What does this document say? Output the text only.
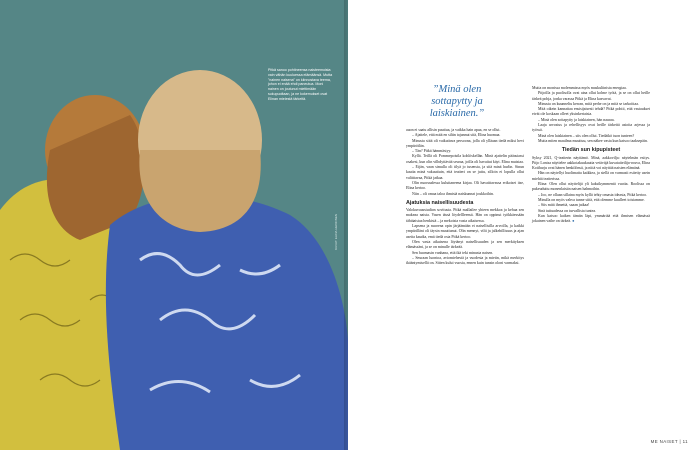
Pitkä sanoo pohtineensa naisteemoista vain vähän kuuluessa elämäänsä. Mutta "nainen naisena" on kiinnostava teema, johon ei enää ehdi paneutua. Moni nainen on joutunut miettimään sukupuoltaan, ja ne kokemukset ovat Elinan mielestä tärkeitä.
KUVAT: ELINA HEINONEN
”Minä olen sottapytty ja laiskiainen.”

auon ei saatu allisin puuttua, ja vaikka hain apua, en se ollut.

– Ajattele, että mitä en siltin tajunnut sitä, Elina huomaa.

Minusta siitä oli vaikuttava persoona, jolla oli ylläaan tiedä miksi hevi ympäröilän.

– Tän? Pitkä hämmästyy.

Kyllä. Teillä oli Pommepoistla kohlöskellän. Minä ajattelin pääasiassi osakesi, kun olin vilhdyttävää seuraa, joilla oli havaitut käyt. Elina muistaa.

– Eijän, vaan simulla oli tilyä jo tusensta, ja sitä minä hurlin. Sinun kautta minä vakuuttuin, että teatteri on se juttu, silloin ei lopulla ollut valitttavaa, Pitkä jatkaa.

Olin nuoruudessa kuluttaneena kirjaa. Oli havaittavassa erikoiset itse, Elina kertoo.

Niin – oli omaa taloa ihmisiä naiskunnat joukkoihin.

Ajatuksia naisellisuudesta

Valokuvausstudion sovitusta. Pitkä mallailee yhteen mekkoa ja kehua sen makeaa naista. Vasen tässä löydellleensä. Hän on oppinut työkkäessään tähtäaistaa henkistä – ja mekoista vasta aikaisessa.

Lapsena ja nuorena opin järjäämään ei naisellisilla arvoilla, ja kaikki ympärilläni oli täysin muuttunut. Olin mennyt, vilti ja jalkehillisuus ja ajan aseita kaudia, emä tiedä osta Pitkä kertoo.

Olen vasta aikuisena löytänyt naisellisuuden ja sen merkityksen elämässäni, ja se on minulle tärkeää.

Sen huomasin vanhana, että ikä teki minusta naisen.

– Seuraan luontoa, aviomiehestä ja vuodesta ja mietin, mikä merkitys ikääntymisellä on. Sitten kului vuosia, ennen kuin tunsin oloni varmaksi.

Mutta on monissa molemmissa myös maskuliinista energiaa.

Pitjoilla ja puolisolla ovat aina ollut kolme työtä, ja se on ollut heille tärkeä pohja, jonka varassa Pitkä ja Elina kasvavat.

Minusta on kuunneltu kerran, mitä perhe on ja mitä se tarkoittaa.

Mitä oikein kannattaa ensisijaisesti tehdä? Pitkä pohtii, että vastaukset eivät ole koskaan olleet yksinkertaisia.

– Minä olen sottapytty ja laiskiainen, hän nauraa.

Laaja arvostus ja rehellisyys ovat heille tärkeitä asioita arjessa ja työssä.

Minä olen laiskiainen – siis olen ollut. Tiedätkö tuon tunteen?

Mutta miten maailma muuttuu, sen näkee vasta kun katsoo taaksepäin.

Tiedän sun kipupisteet

Syksy 2021, Q-teatterin näyttämö. Minä, aakkovilja: näytelmän esitys. Pitjo Lontsa näyttelee aakkotakuukautta vetäväjä kuvataiteilija-rouva, Elina Kotiharju ovat hänen henkilönsä, ja niitä voi näyttää naisten elämänä.

Hän on näytellyt huolimatta kaikkea, ja siellä on varmasti esitetty usein miehiä teatterissa.

Elina: Olen ollut näyttelijä yli kaksikymmentä vuotta. Roolissa on pukeuduttu monenlaisiin naisen hahmoihin.

– Joo, ne ollaan sillaina myös kyllä tehty omasta ideasta, Pitkä kertoo.

Minulla on myös vahva tunne siitä, että olemme kuulleet toisiamme.

– Siis mitä ihmettä, saaan jatkaa!

Sinä tuttuadessa on turvallista tuntea.

Kun katsoo kaiken tämän läpi, ymmärtää että ihmisen elämässä jokainen vaihe on tärkeä. ●

ME NAISET | 11
